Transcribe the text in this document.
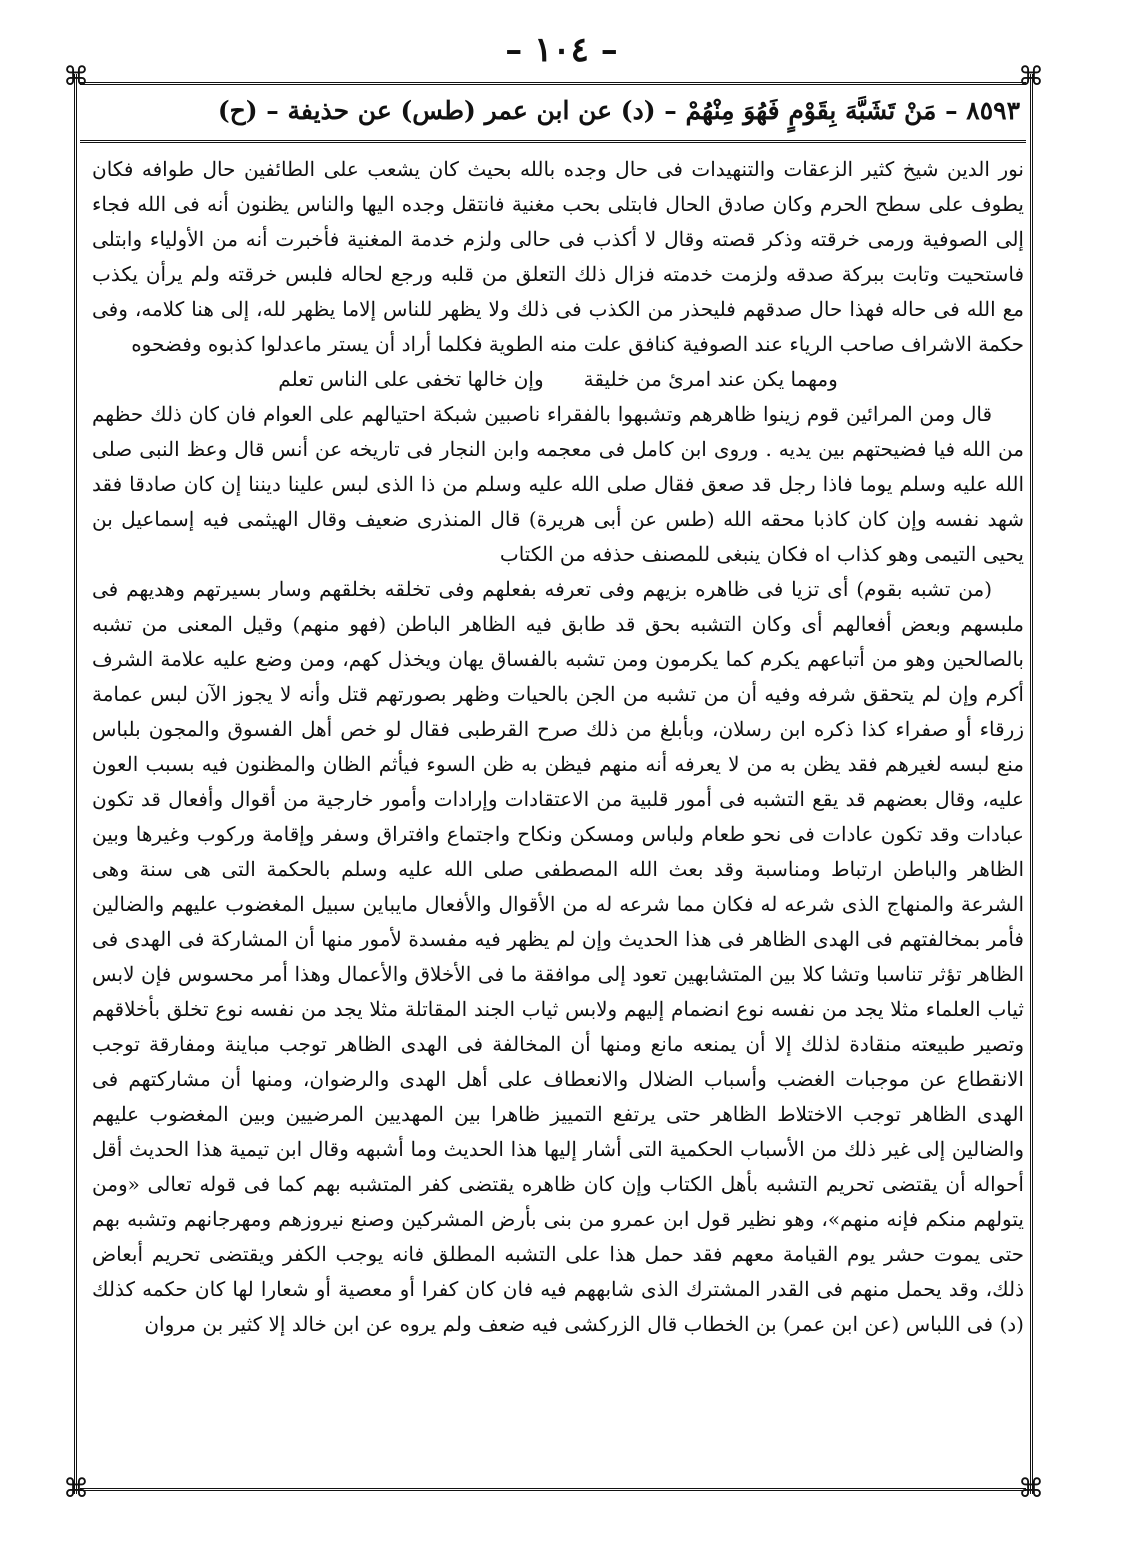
– ١٠٤ –
⌘	⌘
⌘	⌘
٨٥٩٣ – مَنْ تَشَبَّهَ بِقَوْمٍ فَهُوَ مِنْهُمْ – (د) عن ابن عمر (طس) عن حذيفة – (ح)

نور الدين شيخ كثير الزعقات والتنهيدات فى حال وجده بالله بحيث كان يشعب على الطائفين حال طوافه فكان يطوف على سطح الحرم وكان صادق الحال فابتلى بحب مغنية فانتقل وجده اليها والناس يظنون أنه فى الله فجاء إلى الصوفية ورمى خرقته وذكر قصته وقال لا أكذب فى حالى ولزم خدمة المغنية فأخبرت أنه من الأولياء وابتلى فاستحيت وتابت ببركة صدقه ولزمت خدمته فزال ذلك التعلق من قلبه ورجع لحاله فلبس خرقته ولم يرأن يكذب مع الله فى حاله فهذا حال صدقهم فليحذر من الكذب فى ذلك ولا يظهر للناس إلاما يظهر لله، إلى هنا كلامه، وفى حكمة الاشراف صاحب الرياء عند الصوفية كنافق علت منه الطوية فكلما أراد أن يستر ماعدلوا كذبوه وفضحوه

ومهما يكن عند امرئ من خليقة
وإن خالها تخفى على الناس تعلم

قال ومن المرائين قوم زينوا ظاهرهم وتشبهوا بالفقراء ناصبين شبكة احتيالهم على العوام فان كان ذلك حظهم من الله فيا فضيحتهم بين يديه . وروى ابن كامل فى معجمه وابن النجار فى تاريخه عن أنس قال وعظ النبى صلى الله عليه وسلم يوما فاذا رجل قد صعق فقال صلى الله عليه وسلم من ذا الذى لبس علينا ديننا إن كان صادقا فقد شهد نفسه وإن كان كاذبا محقه الله (طس عن أبى هريرة) قال المنذرى ضعيف وقال الهيثمى فيه إسماعيل بن يحيى التيمى وهو كذاب اه فكان ينبغى للمصنف حذفه من الكتاب

(من تشبه بقوم) أى تزيا فى ظاهره بزيهم وفى تعرفه بفعلهم وفى تخلقه بخلقهم وسار بسيرتهم وهديهم فى ملبسهم وبعض أفعالهم أى وكان التشبه بحق قد طابق فيه الظاهر الباطن (فهو منهم) وقيل المعنى من تشبه بالصالحين وهو من أتباعهم يكرم كما يكرمون ومن تشبه بالفساق يهان ويخذل كهم، ومن وضع عليه علامة الشرف أكرم وإن لم يتحقق شرفه وفيه أن من تشبه من الجن بالحيات وظهر بصورتهم قتل وأنه لا يجوز الآن لبس عمامة زرقاء أو صفراء كذا ذكره ابن رسلان، وبأبلغ من ذلك صرح القرطبى فقال لو خص أهل الفسوق والمجون بلباس منع لبسه لغيرهم فقد يظن به من لا يعرفه أنه منهم فيظن به ظن السوء فيأثم الظان والمظنون فيه بسبب العون عليه، وقال بعضهم قد يقع التشبه فى أمور قلبية من الاعتقادات وإرادات وأمور خارجية من أقوال وأفعال قد تكون عبادات وقد تكون عادات فى نحو طعام ولباس ومسكن ونكاح واجتماع وافتراق وسفر وإقامة وركوب وغيرها وبين الظاهر والباطن ارتباط ومناسبة وقد بعث الله المصطفى صلى الله عليه وسلم بالحكمة التى هى سنة وهى الشرعة والمنهاج الذى شرعه له فكان مما شرعه له من الأقوال والأفعال مايباين سبيل المغضوب عليهم والضالين فأمر بمخالفتهم فى الهدى الظاهر فى هذا الحديث وإن لم يظهر فيه مفسدة لأمور منها أن المشاركة فى الهدى فى الظاهر تؤثر تناسبا وتشا كلا بين المتشابهين تعود إلى موافقة ما فى الأخلاق والأعمال وهذا أمر محسوس فإن لابس ثياب العلماء مثلا يجد من نفسه نوع انضمام إليهم ولابس ثياب الجند المقاتلة مثلا يجد من نفسه نوع تخلق بأخلاقهم وتصير طبيعته منقادة لذلك إلا أن يمنعه مانع ومنها أن المخالفة فى الهدى الظاهر توجب مباينة ومفارقة توجب الانقطاع عن موجبات الغضب وأسباب الضلال والانعطاف على أهل الهدى والرضوان، ومنها أن مشاركتهم فى الهدى الظاهر توجب الاختلاط الظاهر حتى يرتفع التمييز ظاهرا بين المهديين المرضيين وبين المغضوب عليهم والضالين إلى غير ذلك من الأسباب الحكمية التى أشار إليها هذا الحديث وما أشبهه وقال ابن تيمية هذا الحديث أقل أحواله أن يقتضى تحريم التشبه بأهل الكتاب وإن كان ظاهره يقتضى كفر المتشبه بهم كما فى قوله تعالى «ومن يتولهم منكم فإنه منهم»، وهو نظير قول ابن عمرو من بنى بأرض المشركين وصنع نيروزهم ومهرجانهم وتشبه بهم حتى يموت حشر يوم القيامة معهم فقد حمل هذا على التشبه المطلق فانه يوجب الكفر ويقتضى تحريم أبعاض ذلك، وقد يحمل منهم فى القدر المشترك الذى شابههم فيه فان كان كفرا أو معصية أو شعارا لها كان حكمه كذلك (د) فى اللباس (عن ابن عمر) بن الخطاب قال الزركشى فيه ضعف ولم يروه عن ابن خالد إلا كثير بن مروان
